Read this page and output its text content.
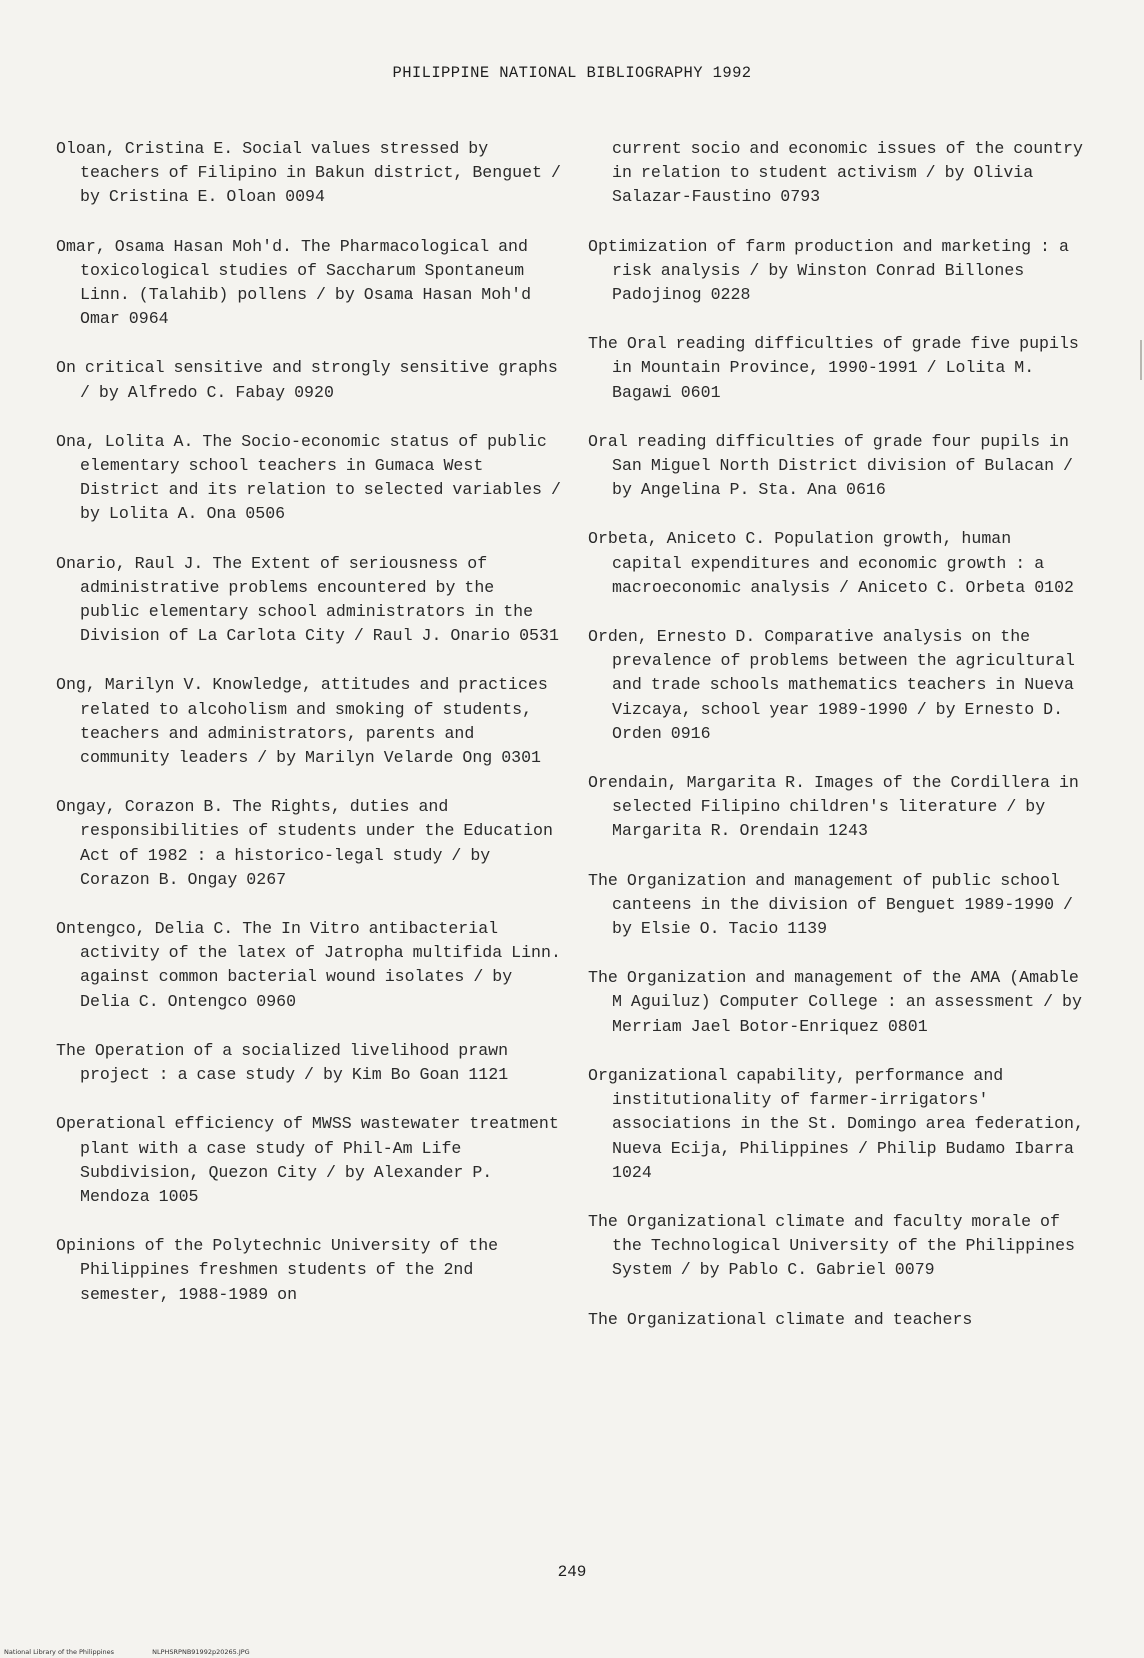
PHILIPPINE NATIONAL BIBLIOGRAPHY 1992
Oloan, Cristina E. Social values stressed by teachers of Filipino in Bakun district, Benguet / by Cristina E. Oloan 0094
Omar, Osama Hasan Moh'd. The Pharmacological and toxicological studies of Saccharum Spontaneum Linn. (Talahib) pollens / by Osama Hasan Moh'd Omar 0964
On critical sensitive and strongly sensitive graphs / by Alfredo C. Fabay 0920
Ona, Lolita A. The Socio-economic status of public elementary school teachers in Gumaca West District and its relation to selected variables / by Lolita A. Ona 0506
Onario, Raul J. The Extent of seriousness of administrative problems encountered by the public elementary school administrators in the Division of La Carlota City / Raul J. Onario 0531
Ong, Marilyn V. Knowledge, attitudes and practices related to alcoholism and smoking of students, teachers and administrators, parents and community leaders / by Marilyn Velarde Ong 0301
Ongay, Corazon B. The Rights, duties and responsibilities of students under the Education Act of 1982 : a historico-legal study / by Corazon B. Ongay 0267
Ontengco, Delia C. The In Vitro antibacterial activity of the latex of Jatropha multifida Linn. against common bacterial wound isolates / by Delia C. Ontengco 0960
The Operation of a socialized livelihood prawn project : a case study / by Kim Bo Goan 1121
Operational efficiency of MWSS wastewater treatment plant with a case study of Phil-Am Life Subdivision, Quezon City / by Alexander P. Mendoza 1005
Opinions of the Polytechnic University of the Philippines freshmen students of the 2nd semester, 1988-1989 on
current socio and economic issues of the country in relation to student activism / by Olivia Salazar-Faustino 0793
Optimization of farm production and marketing : a risk analysis / by Winston Conrad Billones Padojinog 0228
The Oral reading difficulties of grade five pupils in Mountain Province, 1990-1991 / Lolita M. Bagawi 0601
Oral reading difficulties of grade four pupils in San Miguel North District division of Bulacan / by Angelina P. Sta. Ana 0616
Orbeta, Aniceto C. Population growth, human capital expenditures and economic growth : a macroeconomic analysis / Aniceto C. Orbeta 0102
Orden, Ernesto D. Comparative analysis on the prevalence of problems between the agricultural and trade schools mathematics teachers in Nueva Vizcaya, school year 1989-1990 / by Ernesto D. Orden 0916
Orendain, Margarita R. Images of the Cordillera in selected Filipino children's literature / by Margarita R. Orendain 1243
The Organization and management of public school canteens in the division of Benguet 1989-1990 / by Elsie O. Tacio 1139
The Organization and management of the AMA (Amable M Aguiluz) Computer College : an assessment / by Merriam Jael Botor-Enriquez 0801
Organizational capability, performance and institutionality of farmer-irrigators' associations in the St. Domingo area federation, Nueva Ecija, Philippines / Philip Budamo Ibarra 1024
The Organizational climate and faculty morale of the Technological University of the Philippines System / by Pablo C. Gabriel 0079
The Organizational climate and teachers
249
National Library of the Philippines	NLPHSRPNB91992p20265.JPG
